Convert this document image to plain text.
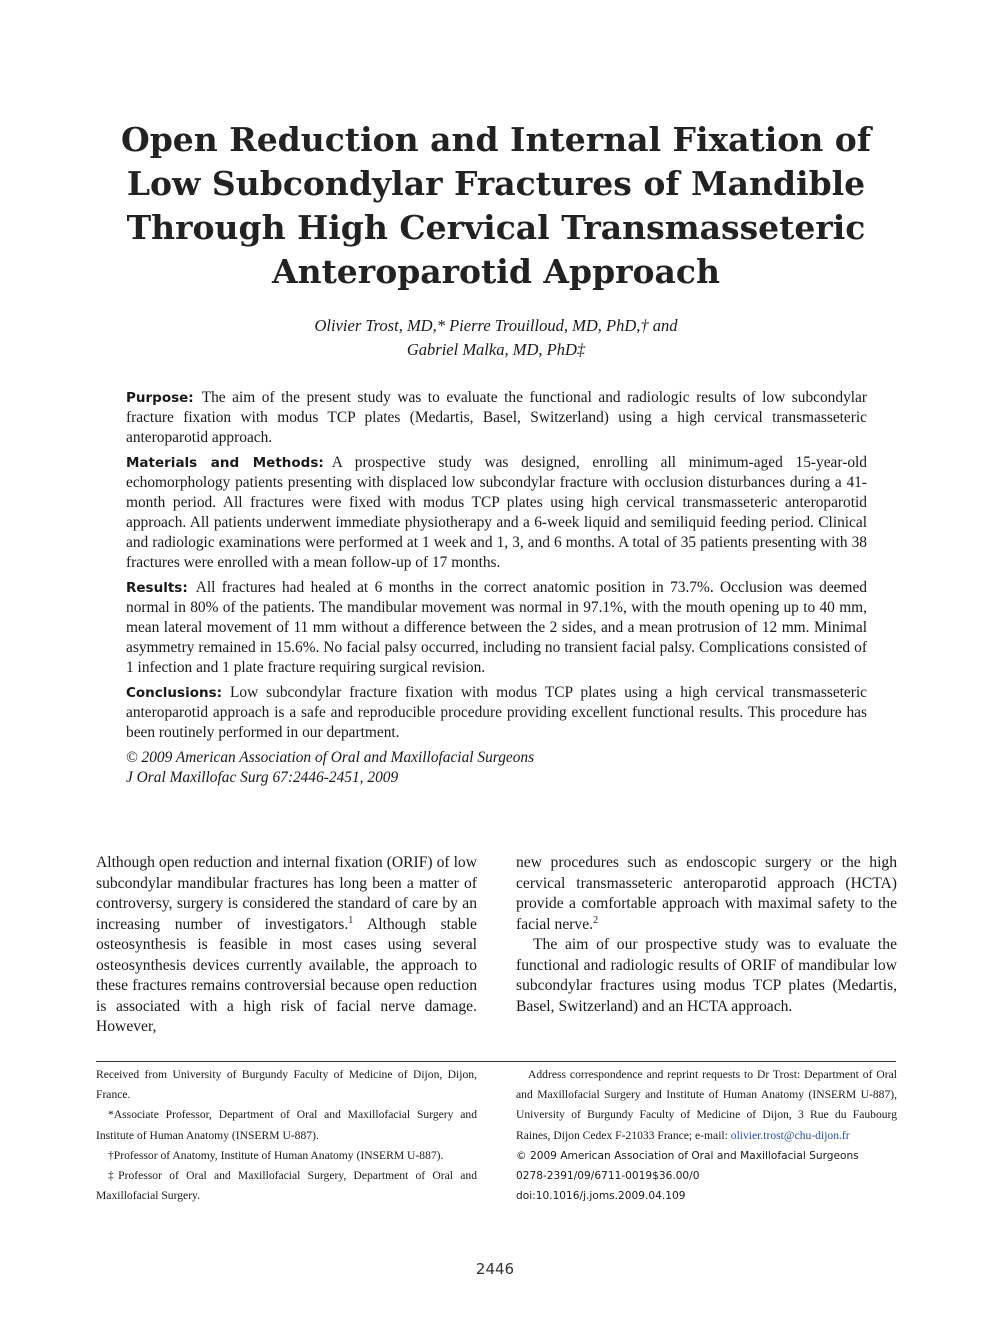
Open Reduction and Internal Fixation of
Low Subcondylar Fractures of Mandible
Through High Cervical Transmasseteric
Anteroparotid Approach
Olivier Trost, MD,* Pierre Trouilloud, MD, PhD,† and
Gabriel Malka, MD, PhD‡

Purpose: The aim of the present study was to evaluate the functional and radiologic results of low subcondylar fracture fixation with modus TCP plates (Medartis, Basel, Switzerland) using a high cervical transmasseteric anteroparotid approach.

Materials and Methods: A prospective study was designed, enrolling all minimum-aged 15-year-old echomorphology patients presenting with displaced low subcondylar fracture with occlusion disturbances during a 41-month period. All fractures were fixed with modus TCP plates using high cervical transmasseteric anteroparotid approach. All patients underwent immediate physiotherapy and a 6-week liquid and semiliquid feeding period. Clinical and radiologic examinations were performed at 1 week and 1, 3, and 6 months. A total of 35 patients presenting with 38 fractures were enrolled with a mean follow-up of 17 months.

Results: All fractures had healed at 6 months in the correct anatomic position in 73.7%. Occlusion was deemed normal in 80% of the patients. The mandibular movement was normal in 97.1%, with the mouth opening up to 40 mm, mean lateral movement of 11 mm without a difference between the 2 sides, and a mean protrusion of 12 mm. Minimal asymmetry remained in 15.6%. No facial palsy occurred, including no transient facial palsy. Complications consisted of 1 infection and 1 plate fracture requiring surgical revision.

Conclusions: Low subcondylar fracture fixation with modus TCP plates using a high cervical transmasseteric anteroparotid approach is a safe and reproducible procedure providing excellent functional results. This procedure has been routinely performed in our department.

© 2009 American Association of Oral and Maxillofacial Surgeons

J Oral Maxillofac Surg 67:2446-2451, 2009

Although open reduction and internal fixation (ORIF) of low subcondylar mandibular fractures has long been a matter of controversy, surgery is considered the standard of care by an increasing number of investigators.$^1$ Although stable osteosynthesis is feasible in most cases using several osteosynthesis devices currently available, the approach to these fractures remains controversial because open reduction is associated with a high risk of facial nerve damage. However,

new procedures such as endoscopic surgery or the high cervical transmasseteric anteroparotid approach (HCTA) provide a comfortable approach with maximal safety to the facial nerve.$^2$

The aim of our prospective study was to evaluate the functional and radiologic results of ORIF of mandibular low subcondylar fractures using modus TCP plates (Medartis, Basel, Switzerland) and an HCTA approach.

Received from University of Burgundy Faculty of Medicine of Dijon, Dijon, France.

*Associate Professor, Department of Oral and Maxillofacial Surgery and Institute of Human Anatomy (INSERM U-887).

†Professor of Anatomy, Institute of Human Anatomy (INSERM U-887).

‡Professor of Oral and Maxillofacial Surgery, Department of Oral and Maxillofacial Surgery.

Address correspondence and reprint requests to Dr Trost: Department of Oral and Maxillofacial Surgery and Institute of Human Anatomy (INSERM U-887), University of Burgundy Faculty of Medicine of Dijon, 3 Rue du Faubourg Raines, Dijon Cedex F-21033 France; e-mail: olivier.trost@chu-dijon.fr

© 2009 American Association of Oral and Maxillofacial Surgeons

0278-2391/09/6711-0019$36.00/0

doi:10.1016/j.joms.2009.04.109

2446
